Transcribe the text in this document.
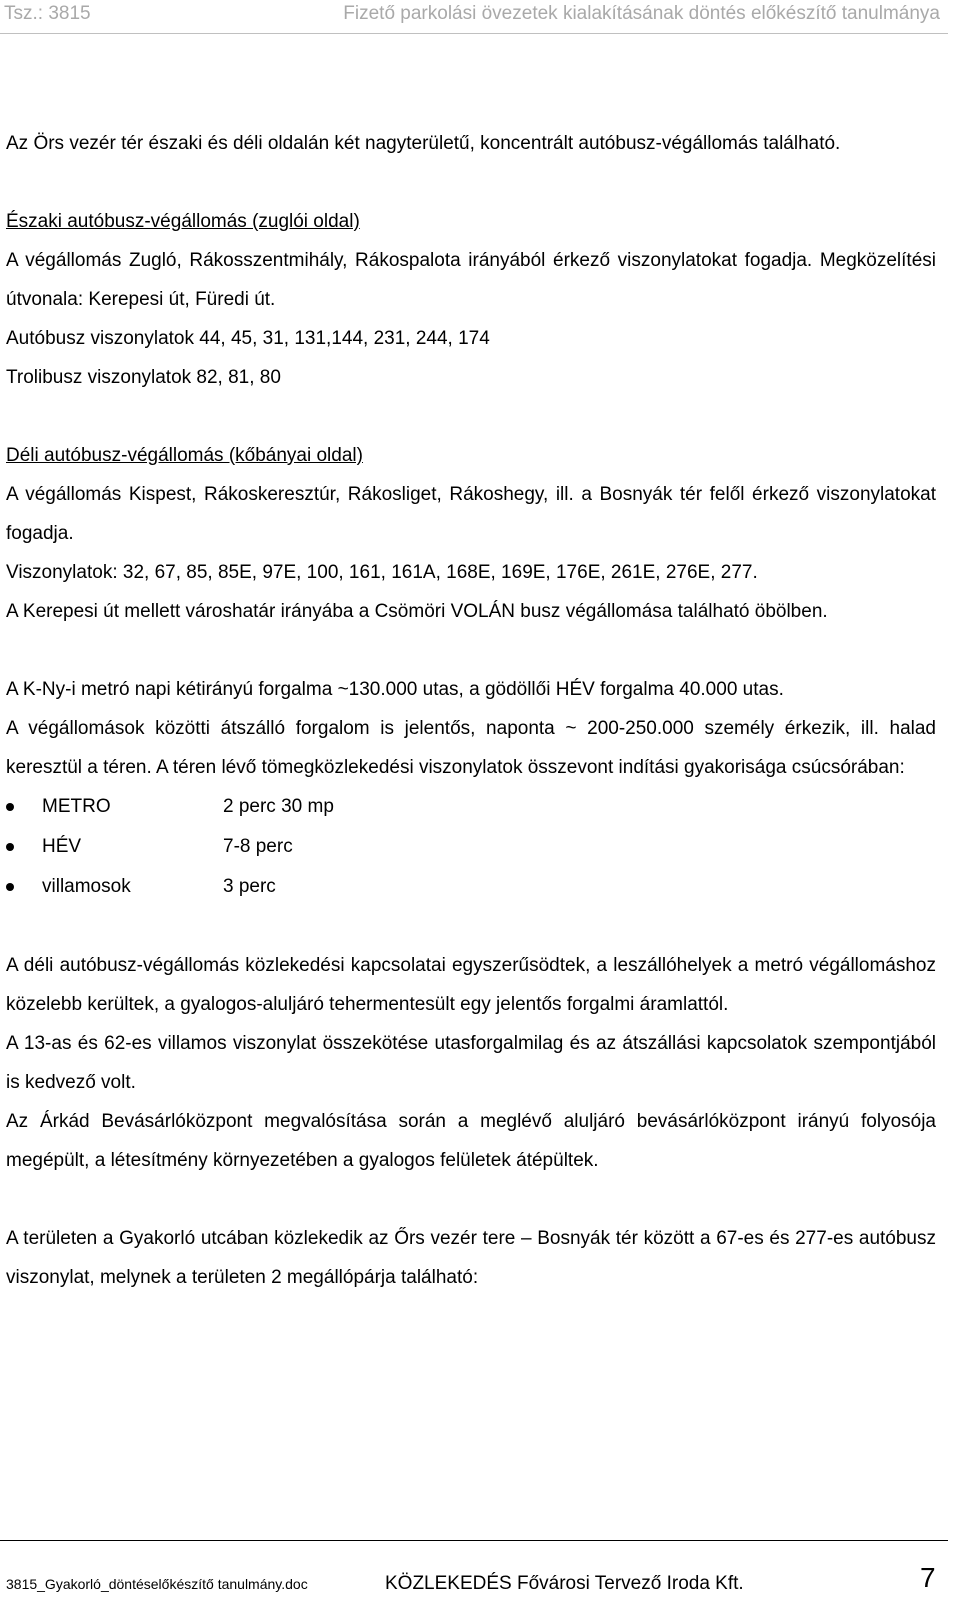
Tsz.: 3815	Fizető parkolási övezetek kialakításának döntés előkészítő tanulmánya

Az Örs vezér tér északi és déli oldalán két nagyterületű, koncentrált autóbusz-végállomás található.

Északi autóbusz-végállomás (zuglói oldal)

A végállomás Zugló, Rákosszentmihály, Rákospalota irányából érkező viszonylatokat fogadja. Megközelítési útvonala: Kerepesi út, Füredi út.

Autóbusz viszonylatok 44, 45, 31, 131,144, 231, 244, 174

Trolibusz viszonylatok 82, 81, 80

Déli autóbusz-végállomás (kőbányai oldal)

A végállomás Kispest, Rákoskeresztúr, Rákosliget, Rákoshegy, ill. a Bosnyák tér felől érkező viszonylatokat fogadja.

Viszonylatok: 32, 67, 85, 85E, 97E, 100, 161, 161A, 168E, 169E, 176E, 261E, 276E, 277.

A Kerepesi út mellett városhatár irányába a Csömöri VOLÁN busz végállomása található öbölben.

A K-Ny-i metró napi kétirányú forgalma ~130.000 utas, a gödöllői HÉV forgalma 40.000 utas.

A végállomások közötti átszálló forgalom is jelentős, naponta ~ 200-250.000 személy érkezik, ill. halad keresztül a téren. A téren lévő tömegközlekedési viszonylatok összevont indítási gyakorisága csúcsórában:

METRO	2 perc 30 mp
HÉV	7-8 perc
villamosok	3 perc

A déli autóbusz-végállomás közlekedési kapcsolatai egyszerűsödtek, a leszállóhelyek a metró végállomáshoz közelebb kerültek, a gyalogos-aluljáró tehermentesült egy jelentős forgalmi áramlattól.

A 13-as és 62-es villamos viszonylat összekötése utasforgalmilag és az átszállási kapcsolatok szempontjából is kedvező volt.

Az Árkád Bevásárlóközpont megvalósítása során a meglévő aluljáró bevásárlóközpont irányú folyosója megépült, a létesítmény környezetében a gyalogos felületek átépültek.

A területen a Gyakorló utcában közlekedik az Őrs vezér tere – Bosnyák tér között a 67-es és 277-es autóbusz viszonylat, melynek a területen 2 megállópárja található:

3815_Gyakorló_döntéselőkészítő tanulmány.doc	KÖZLEKEDÉS Fővárosi Tervező Iroda Kft.	7
